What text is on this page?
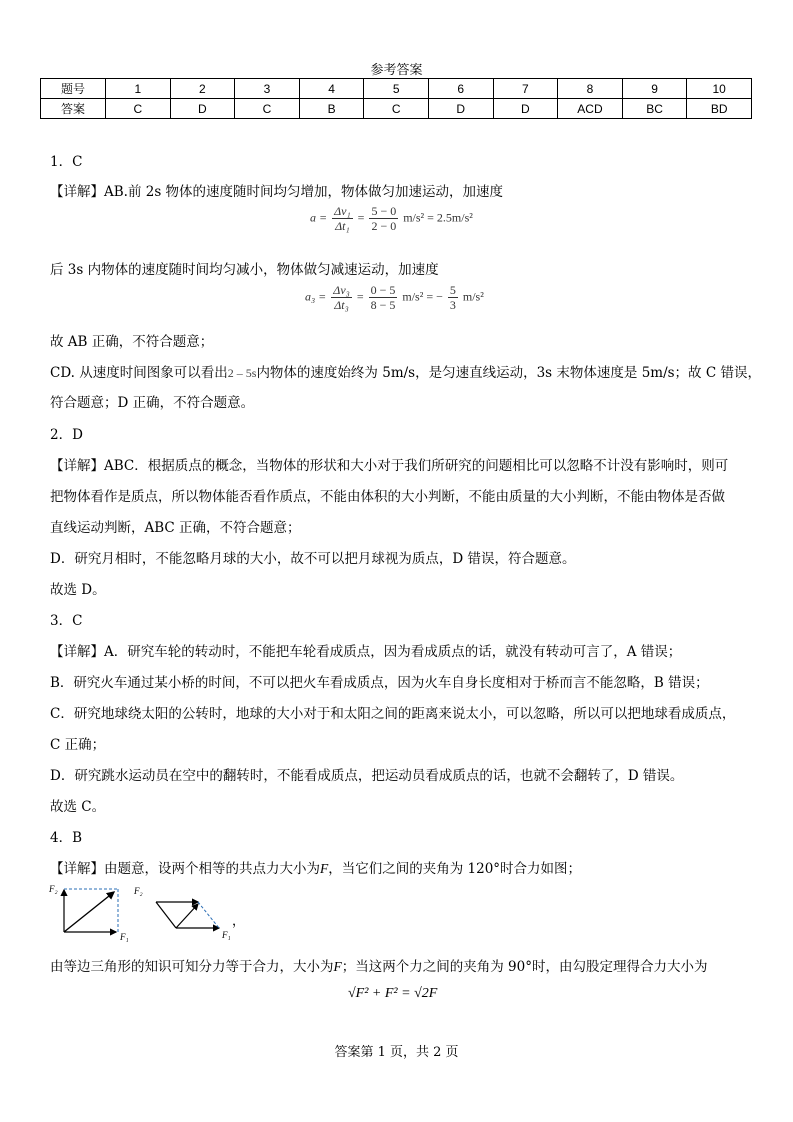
参考答案
题号	1	2	3	4	5	6	7	8	9	10
答案	C	D	C	B	C	D	D	ACD	BC	BD
1．C
【详解】AB.前 2s 物体的速度随时间均匀增加，物体做匀加速运动，加速度
$a = \frac{\text{Δv₁}}{\text{Δt₁}} = \frac{5 - 0}{2 - 0} m/s^2 = 2.5m/s^2$
后 3s 内物体的速度随时间均匀减小，物体做匀减速运动，加速度
$a_3 = \frac{\text{Δv₃}}{\text{Δt₃}} = \frac{0 - 5}{8 - 5} m/s^2$ = − $\frac{5}{3} m/s^2$
故 AB 正确，不符合题意；
CD. 从速度时间图象可以看出2 – 5s内物体的速度始终为 5m/s，是匀速直线运动，3s 末物体速度是 5m/s；故 C 错误，
符合题意；D 正确，不符合题意。
2．D
【详解】ABC．根据质点的概念，当物体的形状和大小对于我们所研究的问题相比可以忽略不计没有影响时，则可
把物体看作是质点，所以物体能否看作质点，不能由体积的大小判断，不能由质量的大小判断，不能由物体是否做
直线运动判断，ABC 正确，不符合题意；
D．研究月相时，不能忽略月球的大小，故不可以把月球视为质点，D 错误，符合题意。
故选 D。
3．C
【详解】A．研究车轮的转动时，不能把车轮看成质点，因为看成质点的话，就没有转动可言了，A 错误；
B．研究火车通过某小桥的时间，不可以把火车看成质点，因为火车自身长度相对于桥而言不能忽略，B 错误；
C．研究地球绕太阳的公转时，地球的大小对于和太阳之间的距离来说太小，可以忽略，所以可以把地球看成质点，
C 正确；
D．研究跳水运动员在空中的翻转时，不能看成质点，把运动员看成质点的话，也就不会翻转了，D 错误。
故选 C。
4．B
【详解】由题意，设两个相等的共点力大小为F，当它们之间的夹角为 120°时合力如图；
F₂
F₁
F₂
F₁
，
由等边三角形的知识可知分力等于合力，大小为F；当这两个力之间的夹角为 90°时，由勾股定理得合力大小为
√F² + F² = √2F
答案第 1 页，共 2 页
